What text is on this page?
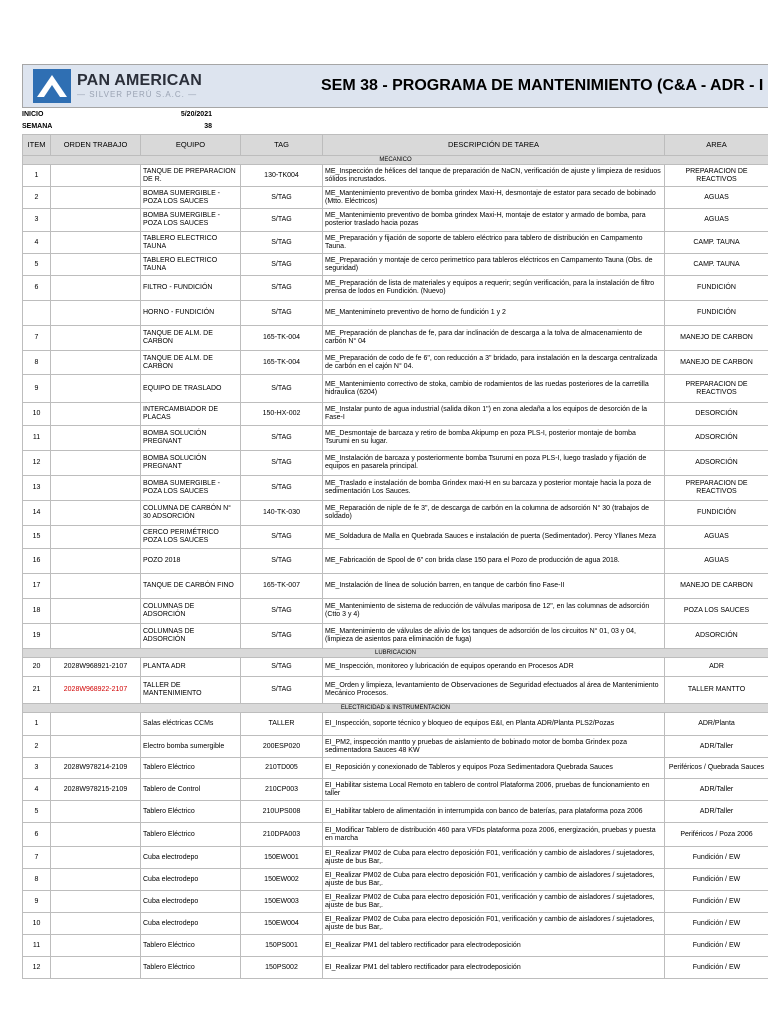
PAN AMERICAN
— SILVER PERÚ S.A.C. —
SEM 38 - PROGRAMA DE MANTENIMIENTO (C&A - ADR - I
INICIO	5/20/2021
SEMANA	38
ITEM	ORDEN TRABAJO	EQUIPO	TAG	DESCRIPCIÓN DE TAREA	AREA
MECANICO					
1		TANQUE DE PREPARACION DE R.	130-TK004	ME_Inspección de hélices del tanque de preparación de NaCN, verificación de ajuste y limpieza de residuos sólidos incrustados.	PREPARACION DE REACTIVOS
2		BOMBA SUMERGIBLE - POZA LOS SAUCES	S/TAG	ME_Mantenimiento preventivo de bomba grindex Maxi-H, desmontaje de estator para secado de bobinado (Mtto. Eléctricos)	AGUAS
3		BOMBA SUMERGIBLE - POZA LOS SAUCES	S/TAG	ME_Mantenimiento preventivo de bomba grindex Maxi-H, montaje de estator y armado de bomba, para posterior traslado hacia pozas	AGUAS
4		TABLERO ELECTRICO TAUNA	S/TAG	ME_Preparación y fijación de soporte de tablero eléctrico para tablero de distribución en Campamento Tauna.	CAMP. TAUNA
5		TABLERO ELECTRICO TAUNA	S/TAG	ME_Preparación y montaje de cerco perimetrico para tableros eléctricos en Campamento Tauna (Obs. de seguridad)	CAMP. TAUNA
6		FILTRO - FUNDICIÓN	S/TAG	ME_Preparación de lista de materiales y equipos a requerir; según verificación, para la instalación de filtro prensa de lodos en Fundición. (Nuevo)	FUNDICIÓN
		HORNO - FUNDICIÓN	S/TAG	ME_Mantenimineto preventivo de horno de fundición 1 y 2	FUNDICIÓN
7		TANQUE DE ALM. DE CARBON	165-TK-004	ME_Preparación de planchas de fe, para dar inclinación de descarga a la tolva de almacenamiento de carbón N° 04	MANEJO DE CARBON
8		TANQUE DE ALM. DE CARBON	165-TK-004	ME_Preparación de codo de fe 6", con reducción a 3" bridado, para instalación en la descarga centralizada de carbón en el cajón N° 04.	MANEJO DE CARBON
9		EQUIPO DE TRASLADO	S/TAG	ME_Mantenimiento correctivo de stoka, cambio de rodamientos de las ruedas posteriores de la carretilla hidraulica (6204)	PREPARACION DE REACTIVOS
10		INTERCAMBIADOR DE PLACAS	150-HX-002	ME_Instalar punto de agua industrial (salida dikon 1") en zona aledaña a los equipos de desorción de la Fase-I	DESORCIÓN
11		BOMBA SOLUCIÓN PREGNANT	S/TAG	ME_Desmontaje de barcaza y retiro de bomba Akipump en poza PLS-I, posterior montaje de bomba Tsurumi en su lugar.	ADSORCIÓN
12		BOMBA SOLUCIÓN PREGNANT	S/TAG	ME_Instalación de barcaza y posteriormente bomba Tsurumi en poza PLS-I, luego traslado y fijación de equipos en pasarela principal.	ADSORCIÓN
13		BOMBA SUMERGIBLE - POZA LOS SAUCES	S/TAG	ME_Traslado e instalación de bomba Grindex maxi-H en su barcaza y posterior montaje hacia la poza de sedimentación Los Sauces.	PREPARACION DE REACTIVOS
14		COLUMNA DE CARBÓN N° 30 ADSORCIÓN	140-TK-030	ME_Reparación de niple de fe 3", de descarga de carbón en la columna de adsorción N° 30 (trabajos de soldado)	FUNDICIÓN
15		CERCO PERIMÉTRICO POZA LOS SAUCES	S/TAG	ME_Soldadura de Malla en Quebrada Sauces e instalación de puerta (Sedimentador). Percy Yllanes Meza	AGUAS
16		POZO 2018	S/TAG	ME_Fabricación de Spool de 6" con brida clase 150 para el Pozo de producción de agua 2018.	AGUAS
17		TANQUE DE CARBÓN FINO	165-TK-007	ME_Instalación de línea de solución barren, en tanque de carbón fino Fase-II	MANEJO DE CARBON
18		COLUMNAS DE ADSORCIÓN	S/TAG	ME_Mantenimiento de sistema de reducción de válvulas mariposa de 12", en las columnas de adsorción (Ctto 3 y 4)	POZA LOS SAUCES
19		COLUMNAS DE ADSORCIÓN	S/TAG	ME_Mantenimiento de válvulas de alivio de los tanques de adsorción de los circuitos N° 01, 03 y 04, (limpieza de asientos para eliminación de fuga)	ADSORCIÓN
LUBRICACIÓN					
20	2028W968921-2107	PLANTA ADR	S/TAG	ME_Inspección, monitoreo y lubricación de equipos operando en Procesos ADR	ADR
21	2028W968922-2107	TALLER DE MANTENIMIENTO	S/TAG	ME_Orden y limpieza, levantamiento de Observaciones de Seguridad efectuados al área de Mantenimiento Mecánico Procesos.	TALLER MANTTO
ELECTRICIDAD & INSTRUMENTACIÓN					
1		Salas eléctricas CCMs	TALLER	EI_Inspección, soporte técnico y bloqueo de equipos E&I, en Planta ADR/Planta PLS2/Pozas	ADR/Planta
2		Electro bomba sumergible	200ESP020	EI_PM2, inspección mantto y pruebas de aislamiento de bobinado motor de bomba Grindex poza sedimentadora Sauces 48 KW	ADR/Taller
3	2028W978214-2109	Tablero Eléctrico	210TD005	EI_Reposición y conexionado de Tableros y equipos Poza Sedimentadora Quebrada Sauces	Periféricos / Quebrada Sauces
4	2028W978215-2109	Tablero de Control	210CP003	EI_Habilitar sistema Local Remoto en tablero de control Plataforma 2006, pruebas de funcionamiento en taller	ADR/Taller
5		Tablero Eléctrico	210UPS008	EI_Habilitar tablero de alimentación in interrumpida con banco de baterías, para plataforma poza 2006	ADR/Taller
6		Tablero Eléctrico	210DPA003	EI_Modificar Tablero de distribución 460 para VFDs plataforma poza 2006, energización, pruebas y puesta en marcha	Periféricos / Poza 2006
7		Cuba electrodepo	150EW001	EI_Realizar PM02 de Cuba para electro deposición F01, verificación y cambio de aisladores / sujetadores, ajuste de bus Bar,.	Fundición / EW
8		Cuba electrodepo	150EW002	EI_Realizar PM02 de Cuba para electro deposición F01, verificación y cambio de aisladores / sujetadores, ajuste de bus Bar,.	Fundición / EW
9		Cuba electrodepo	150EW003	EI_Realizar PM02 de Cuba para electro deposición F01, verificación y cambio de aisladores / sujetadores, ajuste de bus Bar,.	Fundición / EW
10		Cuba electrodepo	150EW004	EI_Realizar PM02 de Cuba para electro deposición F01, verificación y cambio de aisladores / sujetadores, ajuste de bus Bar,.	Fundición / EW
11		Tablero Eléctrico	150PS001	EI_Realizar PM1 del tablero rectificador para electrodeposición	Fundición / EW
12		Tablero Eléctrico	150PS002	EI_Realizar PM1 del tablero rectificador para electrodeposición	Fundición / EW
